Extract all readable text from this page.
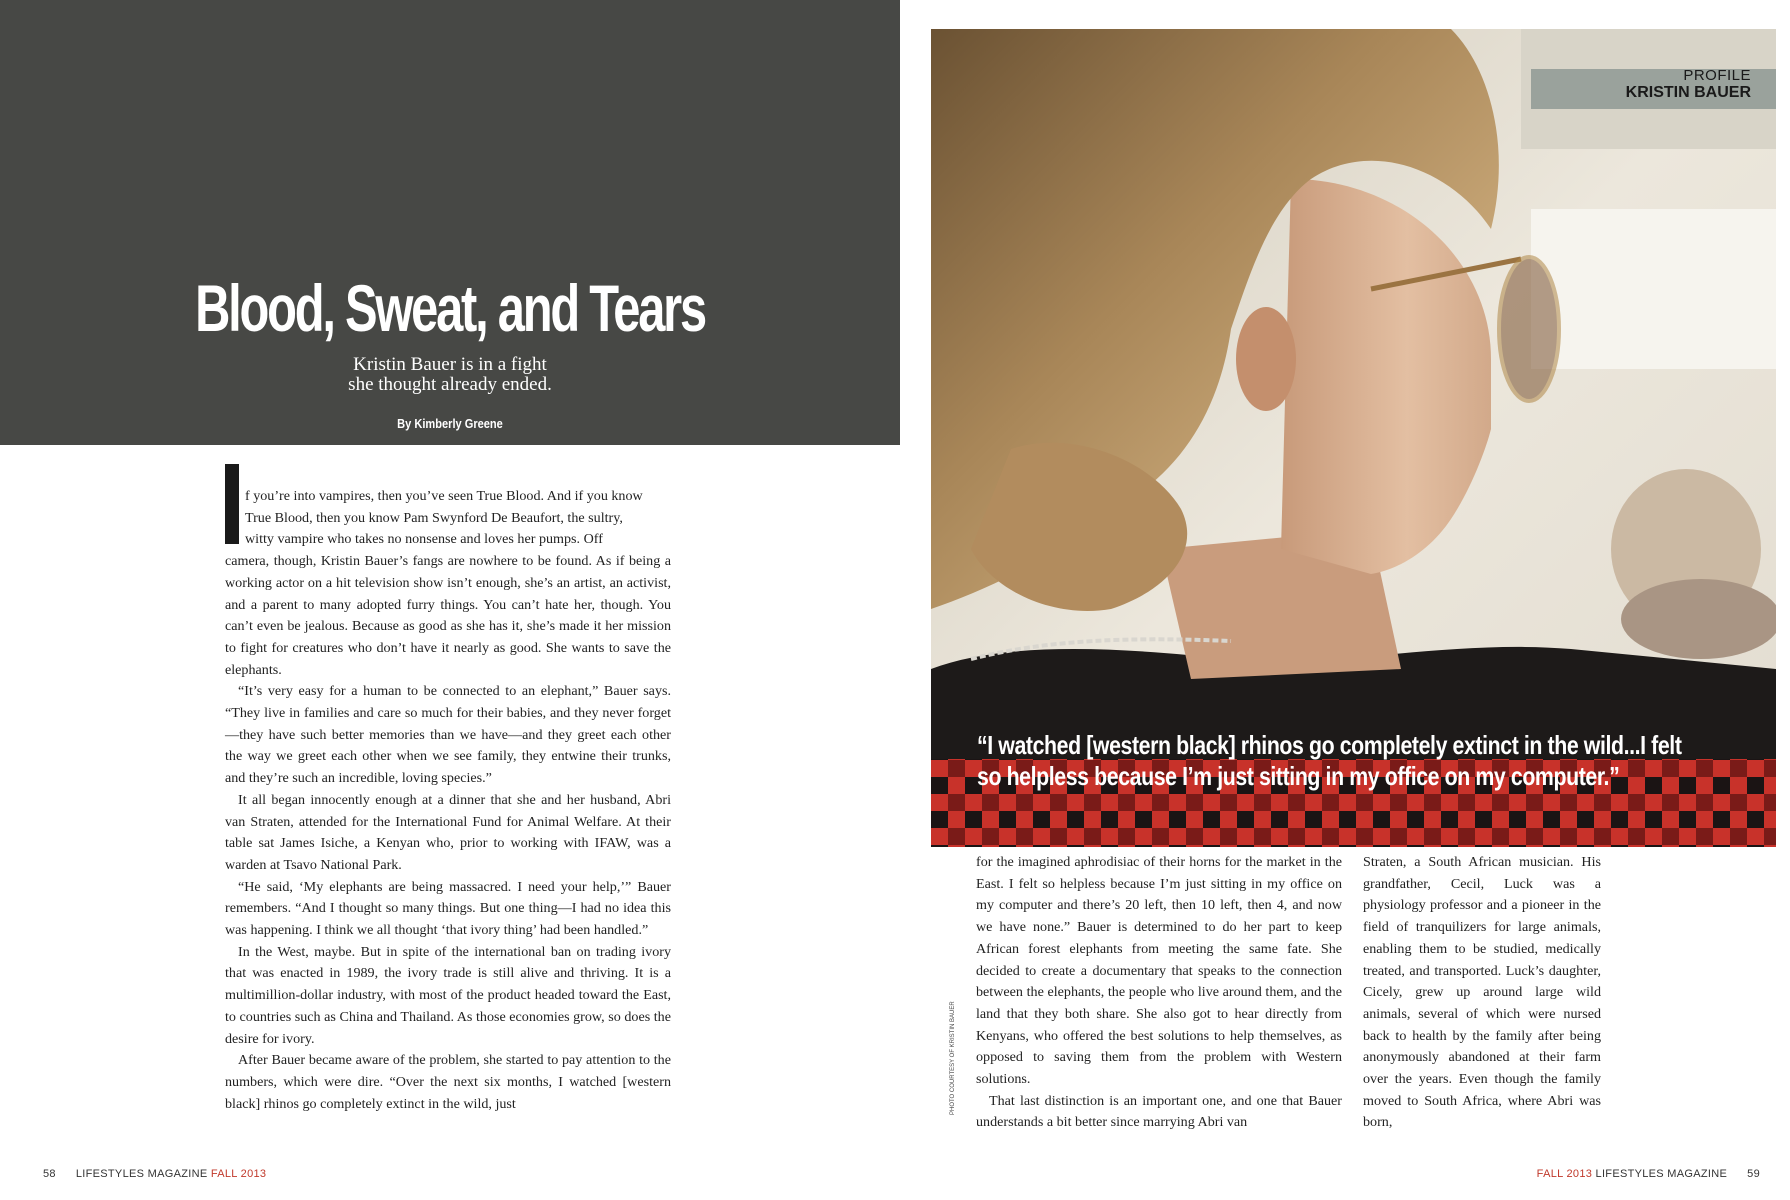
Blood, Sweat, and Tears
Kristin Bauer is in a fight
she thought already ended.
By Kimberly Greene

f you’re into vampires, then you’ve seen True Blood. And if you know
True Blood, then you know Pam Swynford De Beaufort, the sultry,
witty vampire who takes no nonsense and loves her pumps. Off
camera, though, Kristin Bauer’s fangs are nowhere to be found. As if being a working actor on a hit television show isn’t enough, she’s an artist, an activist, and a parent to many adopted furry things. You can’t hate her, though. You can’t even be jealous. Because as good as she has it, she’s made it her mission to fight for creatures who don’t have it nearly as good. She wants to save the elephants.

“It’s very easy for a human to be connected to an elephant,” Bauer says. “They live in families and care so much for their babies, and they never forget—they have such better memories than we have—and they greet each other the way we greet each other when we see family, they entwine their trunks, and they’re such an incredible, loving species.”

It all began innocently enough at a dinner that she and her husband, Abri van Straten, attended for the International Fund for Animal Welfare. At their table sat James Isiche, a Kenyan who, prior to working with IFAW, was a warden at Tsavo National Park.

“He said, ‘My elephants are being massacred. I need your help,’” Bauer remembers. “And I thought so many things. But one thing—I had no idea this was happening. I think we all thought ‘that ivory thing’ had been handled.”

In the West, maybe. But in spite of the international ban on trading ivory that was enacted in 1989, the ivory trade is still alive and thriving. It is a multimillion-dollar industry, with most of the product headed toward the East, to countries such as China and Thailand. As those economies grow, so does the desire for ivory.

After Bauer became aware of the problem, she started to pay attention to the numbers, which were dire. “Over the next six months, I watched [western black] rhinos go completely extinct in the wild, just

58 LIFESTYLES MAGAZINE FALL 2013
PROFILE
KRISTIN BAUER
“I watched [western black] rhinos go completely extinct in the wild...I felt
so helpless because I’m just sitting in my office on my computer.”
PHOTO COURTESY OF KRISTIN BAUER

for the imagined aphrodisiac of their horns for the market in the East. I felt so helpless because I’m just sitting in my office on my computer and there’s 20 left, then 10 left, then 4, and now we have none.” Bauer is determined to do her part to keep African forest elephants from meeting the same fate. She decided to create a documentary that speaks to the connection between the elephants, the people who live around them, and the land that they both share. She also got to hear directly from Kenyans, who offered the best solutions to help themselves, as opposed to saving them from the problem with Western solutions.

That last distinction is an important one, and one that Bauer understands a bit better since marrying Abri van

Straten, a South African musician. His grandfather, Cecil, Luck was a physiology professor and a pioneer in the field of tranquilizers for large animals, enabling them to be studied, medically treated, and transported. Luck’s daughter, Cicely, grew up around large wild animals, several of which were nursed back to health by the family after being anonymously abandoned at their farm over the years. Even though the family moved to South Africa, where Abri was born,

FALL 2013 LIFESTYLES MAGAZINE 59
